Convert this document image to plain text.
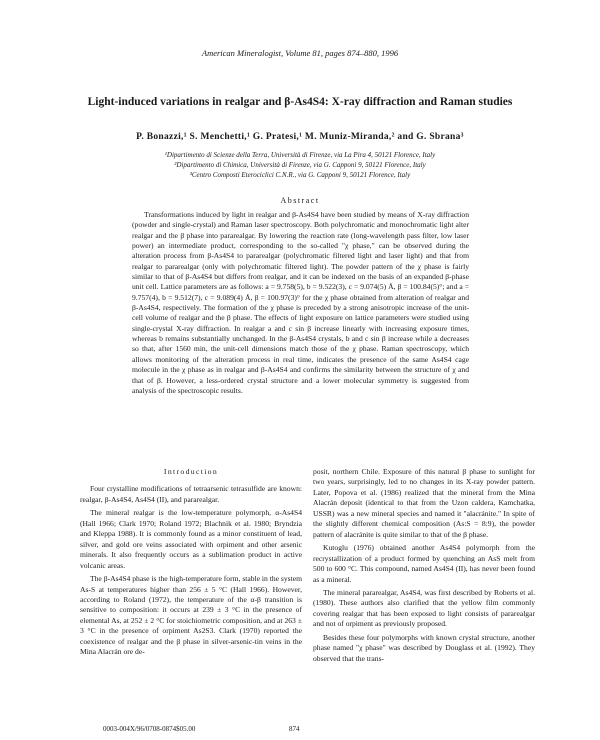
American Mineralogist, Volume 81, pages 874–880, 1996
Light-induced variations in realgar and β-As4S4: X-ray diffraction and Raman studies
P. Bonazzi,¹ S. Menchetti,¹ G. Pratesi,¹ M. Muniz-Miranda,² and G. Sbrana³
¹Dipartimento di Scienze della Terra, Università di Firenze, via La Pira 4, 50121 Florence, Italy
²Dipartimento di Chimica, Università di Firenze, via G. Capponi 9, 50121 Florence, Italy
³Centro Composti Eterociclici C.N.R., via G. Capponi 9, 50121 Florence, Italy
Abstract
Transformations induced by light in realgar and β-As4S4 have been studied by means of X-ray diffraction (powder and single-crystal) and Raman laser spectroscopy. Both polychromatic and monochromatic light alter realgar and the β phase into pararealgar. By lowering the reaction rate (long-wavelength pass filter, low laser power) an intermediate product, corresponding to the so-called "χ phase," can be observed during the alteration process from β-As4S4 to pararealgar (polychromatic filtered light and laser light) and that from realgar to pararealgar (only with polychromatic filtered light). The powder pattern of the χ phase is fairly similar to that of β-As4S4 but differs from realgar, and it can be indexed on the basis of an expanded β-phase unit cell. Lattice parameters are as follows: a = 9.758(5), b = 9.522(3), c = 9.074(5) Å, β = 100.84(5)°; and a = 9.757(4), b = 9.512(7), c = 9.089(4) Å, β = 100.97(3)° for the χ phase obtained from alteration of realgar and β-As4S4, respectively. The formation of the χ phase is preceded by a strong anisotropic increase of the unit-cell volume of realgar and the β phase. The effects of light exposure on lattice parameters were studied using single-crystal X-ray diffraction. In realgar a and c sin β increase linearly with increasing exposure times, whereas b remains substantially unchanged. In the β-As4S4 crystals, b and c sin β increase while a decreases so that, after 1560 min, the unit-cell dimensions match those of the χ phase. Raman spectroscopy, which allows monitoring of the alteration process in real time, indicates the presence of the same As4S4 cage molecule in the χ phase as in realgar and β-As4S4 and confirms the similarity between the structure of χ and that of β. However, a less-ordered crystal structure and a lower molecular symmetry is suggested from analysis of the spectroscopic results.
Introduction

Four crystalline modifications of tetraarsenic tetrasulfide are known: realgar, β-As4S4, As4S4 (II), and pararealgar.

The mineral realgar is the low-temperature polymorph, α-As4S4 (Hall 1966; Clark 1970; Roland 1972; Blachnik et al. 1980; Bryndzia and Kleppa 1988). It is commonly found as a minor constituent of lead, silver, and gold ore veins associated with orpiment and other arsenic minerals. It also frequently occurs as a sublimation product in active volcanic areas.

The β-As4S4 phase is the high-temperature form, stable in the system As-S at temperatures higher than 256 ± 5 °C (Hall 1966). However, according to Roland (1972), the temperature of the α-β transition is sensitive to composition: it occurs at 239 ± 3 °C in the presence of elemental As, at 252 ± 2 °C for stoichiometric composition, and at 263 ± 3 °C in the presence of orpiment As2S3. Clark (1970) reported the coexistence of realgar and the β phase in silver-arsenic-tin veins in the Mina Alacrán ore de-

posit, northern Chile. Exposure of this natural β phase to sunlight for two years, surprisingly, led to no changes in its X-ray powder pattern. Later, Popova et al. (1986) realized that the mineral from the Mina Alacrán deposit (identical to that from the Uzon caldera, Kamchatka, USSR) was a new mineral species and named it "alacránite." In spite of the slightly different chemical composition (As:S = 8:9), the powder pattern of alacránite is quite similar to that of the β phase.

Kutoglu (1976) obtained another As4S4 polymorph from the recrystallization of a product formed by quenching an AsS melt from 500 to 600 °C. This compound, named As4S4 (II), has never been found as a mineral.

The mineral pararealgar, As4S4, was first described by Roberts et al. (1980). These authors also clarified that the yellow film commonly covering realgar that has been exposed to light consists of pararealgar and not of orpiment as previously proposed.

Besides these four polymorphs with known crystal structure, another phase named "χ phase" was described by Douglass et al. (1992). They observed that the trans-

0003-004X/96/0708-0874$05.00	874
